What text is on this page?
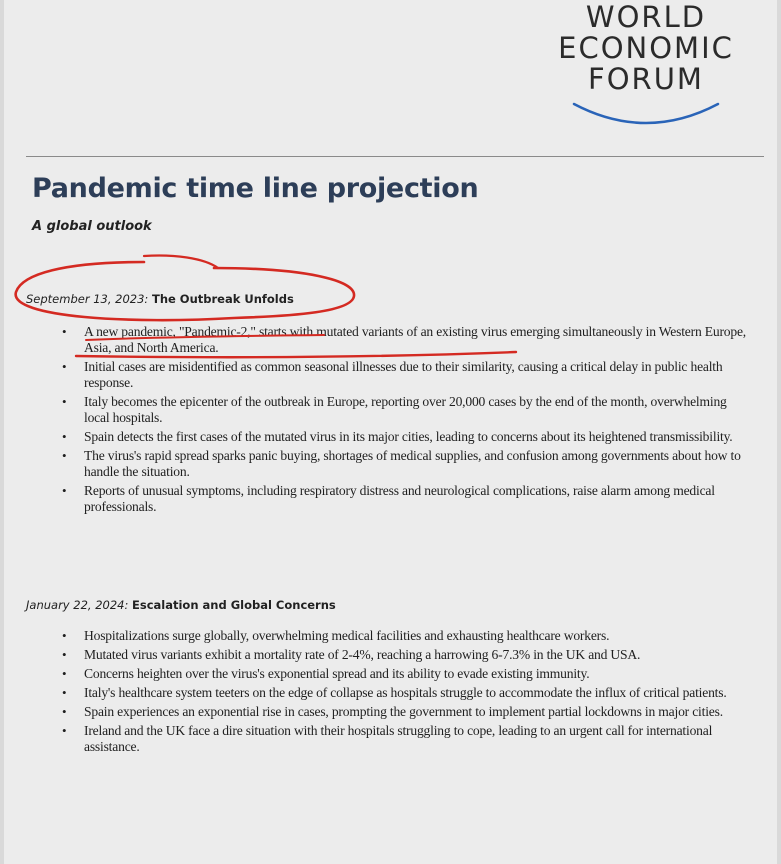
WORLD
ECONOMIC
FORUM
Pandemic time line projection
A global outlook
September 13, 2023: The Outbreak Unfolds
• A new pandemic, "Pandemic-2," starts with mutated variants of an existing virus emerging simultaneously in Western Europe, Asia, and North America.
• Initial cases are misidentified as common seasonal illnesses due to their similarity, causing a critical delay in public health response.
• Italy becomes the epicenter of the outbreak in Europe, reporting over 20,000 cases by the end of the month, overwhelming local hospitals.
• Spain detects the first cases of the mutated virus in its major cities, leading to concerns about its heightened transmissibility.
• The virus's rapid spread sparks panic buying, shortages of medical supplies, and confusion among governments about how to handle the situation.
• Reports of unusual symptoms, including respiratory distress and neurological complications, raise alarm among medical professionals.
January 22, 2024: Escalation and Global Concerns
• Hospitalizations surge globally, overwhelming medical facilities and exhausting healthcare workers.
• Mutated virus variants exhibit a mortality rate of 2-4%, reaching a harrowing 6-7.3% in the UK and USA.
• Concerns heighten over the virus's exponential spread and its ability to evade existing immunity.
• Italy's healthcare system teeters on the edge of collapse as hospitals struggle to accommodate the influx of critical patients.
• Spain experiences an exponential rise in cases, prompting the government to implement partial lockdowns in major cities.
• Ireland and the UK face a dire situation with their hospitals struggling to cope, leading to an urgent call for international assistance.
